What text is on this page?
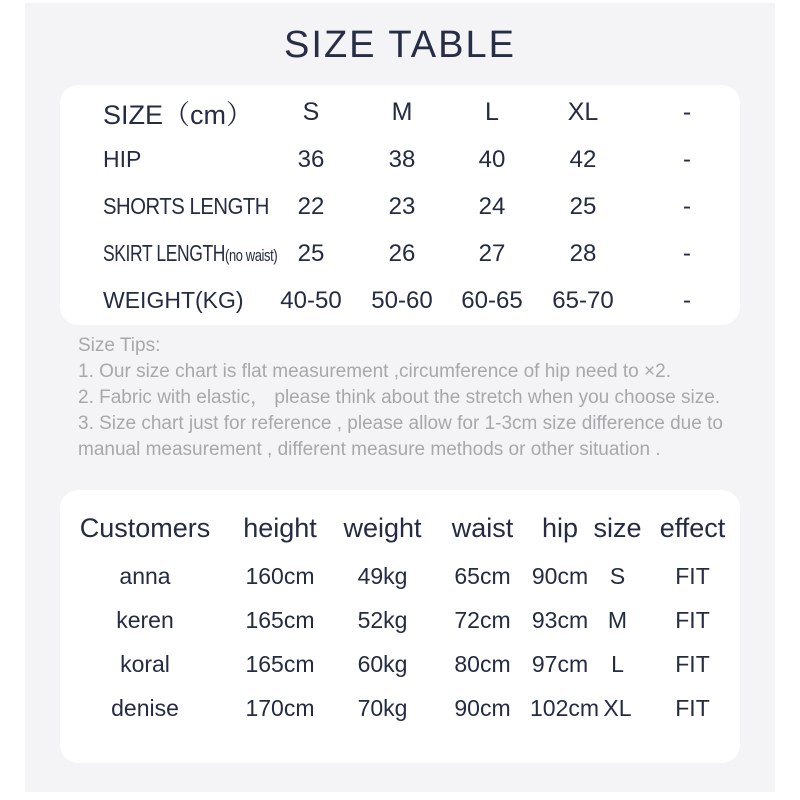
SIZE TABLE
SIZE（cm）	S	M	L	XL	-
HIP	36	38	40	42	-
SHORTS LENGTH	22	23	24	25	-
SKIRT LENGTH(no waist) 25	26	27	28	-
WEIGHT(KG)	40-50	50-60	60-65	65-70	-
Size Tips:
1. Our size chart is flat measurement ,circumference of hip need to ×2.
2. Fabric with elastic， please think about the stretch when you choose size.
3. Size chart just for reference , please allow for 1-3cm size difference due to manual measurement , different measure methods or other situation .
Customers	height weight	waist	hip size effect
anna	160cm	49kg	65cm 90cm S	FIT
keren	165cm	52kg	72cm 93cm M	FIT
koral	165cm	60kg	80cm 97cm L	FIT
denise	170cm	70kg	90cm 102cm XL	FIT
